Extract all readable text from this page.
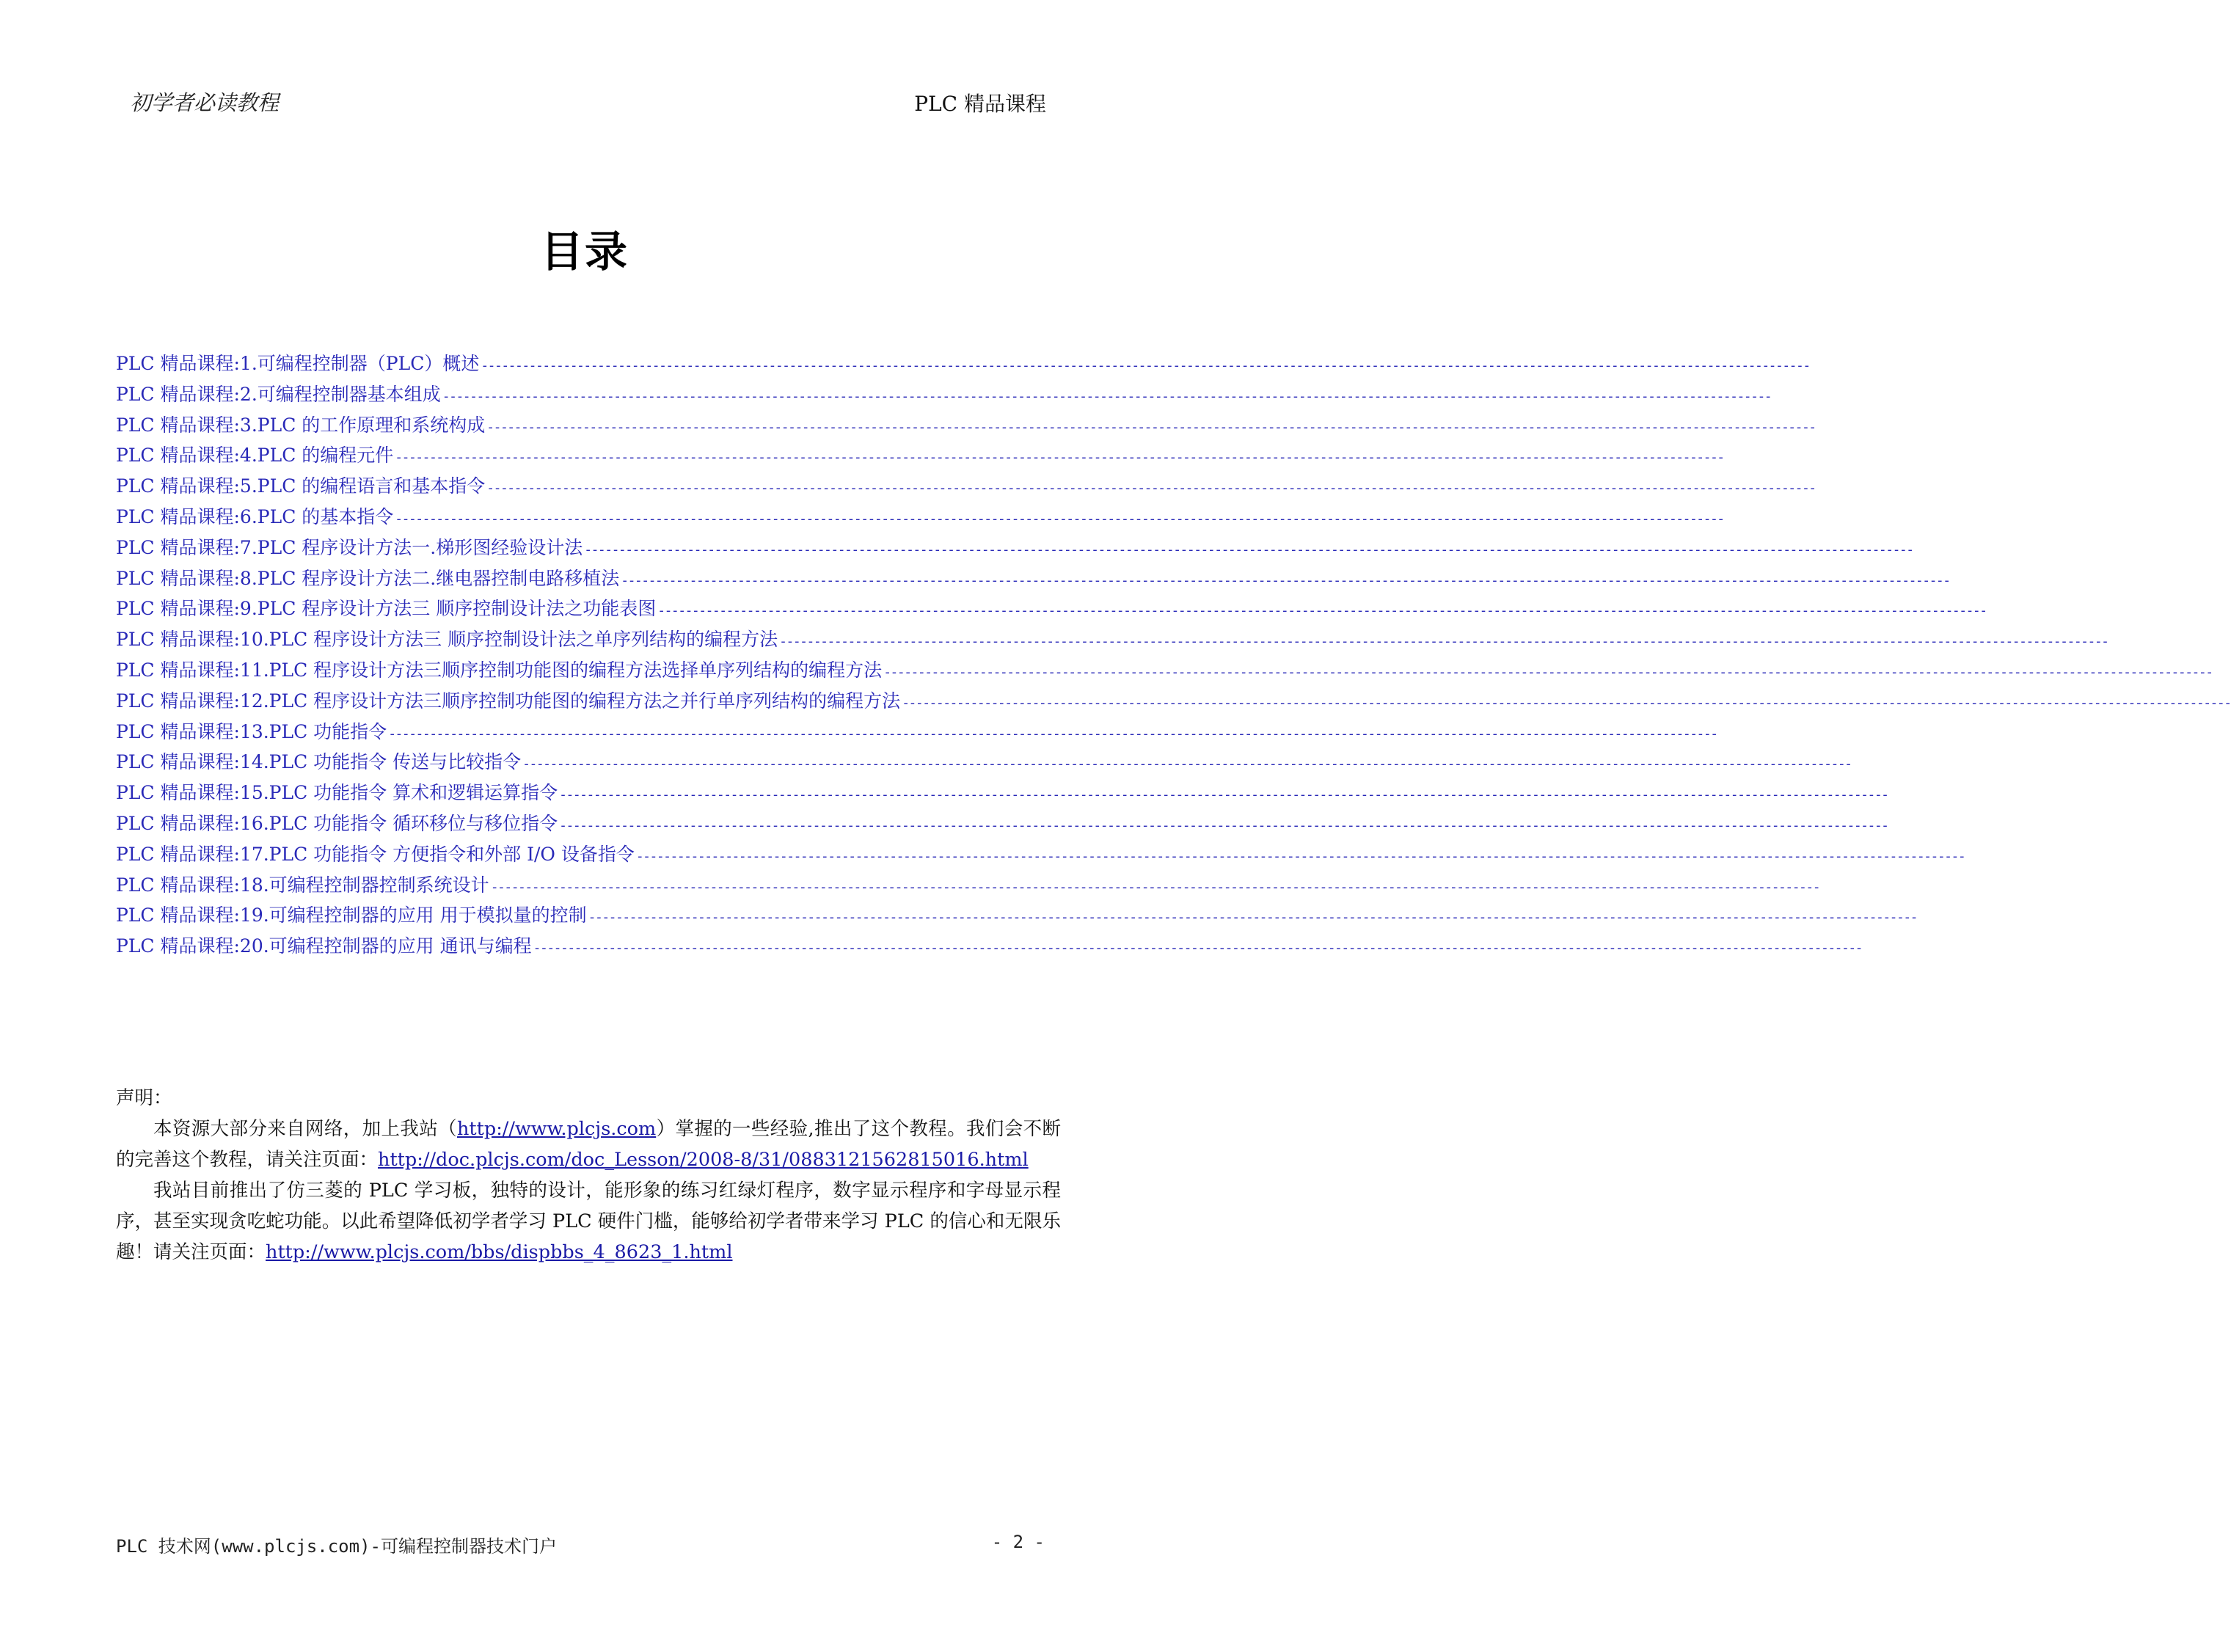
初学者必读教程	PLC 精品课程
目录
PLC 精品课程:1.可编程控制器（PLC）概述 --------------------------------------------------------------------------------------------------------------------------------------------------------------------------------------------------
PLC 精品课程:2.可编程控制器基本组成 --------------------------------------------------------------------------------------------------------------------------------------------------------------------------------------------------
PLC 精品课程:3.PLC 的工作原理和系统构成 --------------------------------------------------------------------------------------------------------------------------------------------------------------------------------------------------
PLC 精品课程:4.PLC 的编程元件 --------------------------------------------------------------------------------------------------------------------------------------------------------------------------------------------------
PLC 精品课程:5.PLC 的编程语言和基本指令 --------------------------------------------------------------------------------------------------------------------------------------------------------------------------------------------------
PLC 精品课程:6.PLC 的基本指令 --------------------------------------------------------------------------------------------------------------------------------------------------------------------------------------------------
PLC 精品课程:7.PLC 程序设计方法一.梯形图经验设计法 --------------------------------------------------------------------------------------------------------------------------------------------------------------------------------------------------
PLC 精品课程:8.PLC 程序设计方法二.继电器控制电路移植法 --------------------------------------------------------------------------------------------------------------------------------------------------------------------------------------------------
PLC 精品课程:9.PLC 程序设计方法三 顺序控制设计法之功能表图 --------------------------------------------------------------------------------------------------------------------------------------------------------------------------------------------------
PLC 精品课程:10.PLC 程序设计方法三 顺序控制设计法之单序列结构的编程方法 --------------------------------------------------------------------------------------------------------------------------------------------------------------------------------------------------
PLC 精品课程:11.PLC 程序设计方法三顺序控制功能图的编程方法选择单序列结构的编程方法 --------------------------------------------------------------------------------------------------------------------------------------------------------------------------------------------------
PLC 精品课程:12.PLC 程序设计方法三顺序控制功能图的编程方法之并行单序列结构的编程方法 --------------------------------------------------------------------------------------------------------------------------------------------------------------------------------------------------
PLC 精品课程:13.PLC 功能指令 --------------------------------------------------------------------------------------------------------------------------------------------------------------------------------------------------
PLC 精品课程:14.PLC 功能指令 传送与比较指令 --------------------------------------------------------------------------------------------------------------------------------------------------------------------------------------------------
PLC 精品课程:15.PLC 功能指令 算术和逻辑运算指令 --------------------------------------------------------------------------------------------------------------------------------------------------------------------------------------------------
PLC 精品课程:16.PLC 功能指令 循环移位与移位指令 --------------------------------------------------------------------------------------------------------------------------------------------------------------------------------------------------
PLC 精品课程:17.PLC 功能指令 方便指令和外部 I/O 设备指令 --------------------------------------------------------------------------------------------------------------------------------------------------------------------------------------------------
PLC 精品课程:18.可编程控制器控制系统设计 --------------------------------------------------------------------------------------------------------------------------------------------------------------------------------------------------
PLC 精品课程:19.可编程控制器的应用 用于模拟量的控制 --------------------------------------------------------------------------------------------------------------------------------------------------------------------------------------------------
PLC 精品课程:20.可编程控制器的应用 通讯与编程 --------------------------------------------------------------------------------------------------------------------------------------------------------------------------------------------------
声明：

本资源大部分来自网络，加上我站（http://www.plcjs.com）掌握的一些经验,推出了这个教程。我们会不断的完善这个教程，请关注页面：http://doc.plcjs.com/doc_Lesson/2008-8/31/0883121562815016.html

我站目前推出了仿三菱的 PLC 学习板，独特的设计，能形象的练习红绿灯程序，数字显示程序和字母显示程序，甚至实现贪吃蛇功能。以此希望降低初学者学习 PLC 硬件门槛，能够给初学者带来学习 PLC 的信心和无限乐趣！请关注页面：http://www.plcjs.com/bbs/dispbbs_4_8623_1.html

PLC 技术网(www.plcjs.com)-可编程控制器技术门户	- 2 -
